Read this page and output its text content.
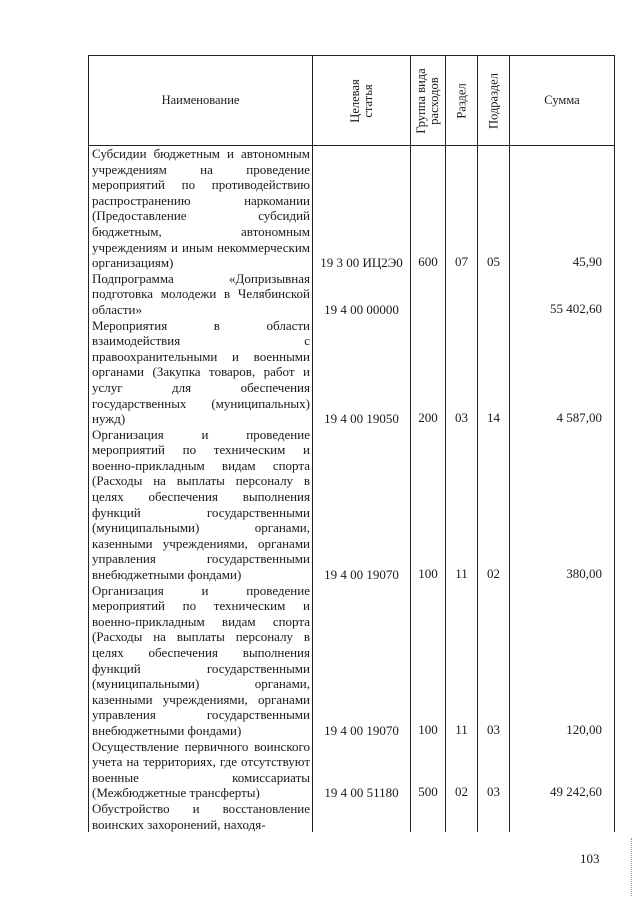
Наименование	Целевая статья	Группа вида расходов	Раздел	Подраздел	Сумма
Субсидии бюджетным и автономным учреждениям на проведение мероприятий по противодействию распространению наркомании (Предоставление субсидий бюджетным, автономным учреждениям и иным некоммерческим организациям)	19 3 00 ИЦ2Э0	600	07	05	45,90
Подпрограмма «Допризывная подготовка молодежи в Челябинской области»	19 4 00 00000				55 402,60
Мероприятия в области взаимодействия с правоохранительными и военными органами (Закупка товаров, работ и услуг для обеспечения государственных (муниципальных) нужд)	19 4 00 19050	200	03	14	4 587,00
Организация и проведение мероприятий по техническим и военно-прикладным видам спорта (Расходы на выплаты персоналу в целях обеспечения выполнения функций государственными (муниципальными) органами, казенными учреждениями, органами управления государственными внебюджетными фондами)	19 4 00 19070	100	11	02	380,00
Организация и проведение мероприятий по техническим и военно-прикладным видам спорта (Расходы на выплаты персоналу в целях обеспечения выполнения функций государственными (муниципальными) органами, казенными учреждениями, органами управления государственными внебюджетными фондами)	19 4 00 19070	100	11	03	120,00
Осуществление первичного воинского учета на территориях, где отсутствуют военные комиссариаты (Межбюджетные трансферты)	19 4 00 51180	500	02	03	49 242,60
Обустройство и восстановление воинских захоронений, находя-					
103
